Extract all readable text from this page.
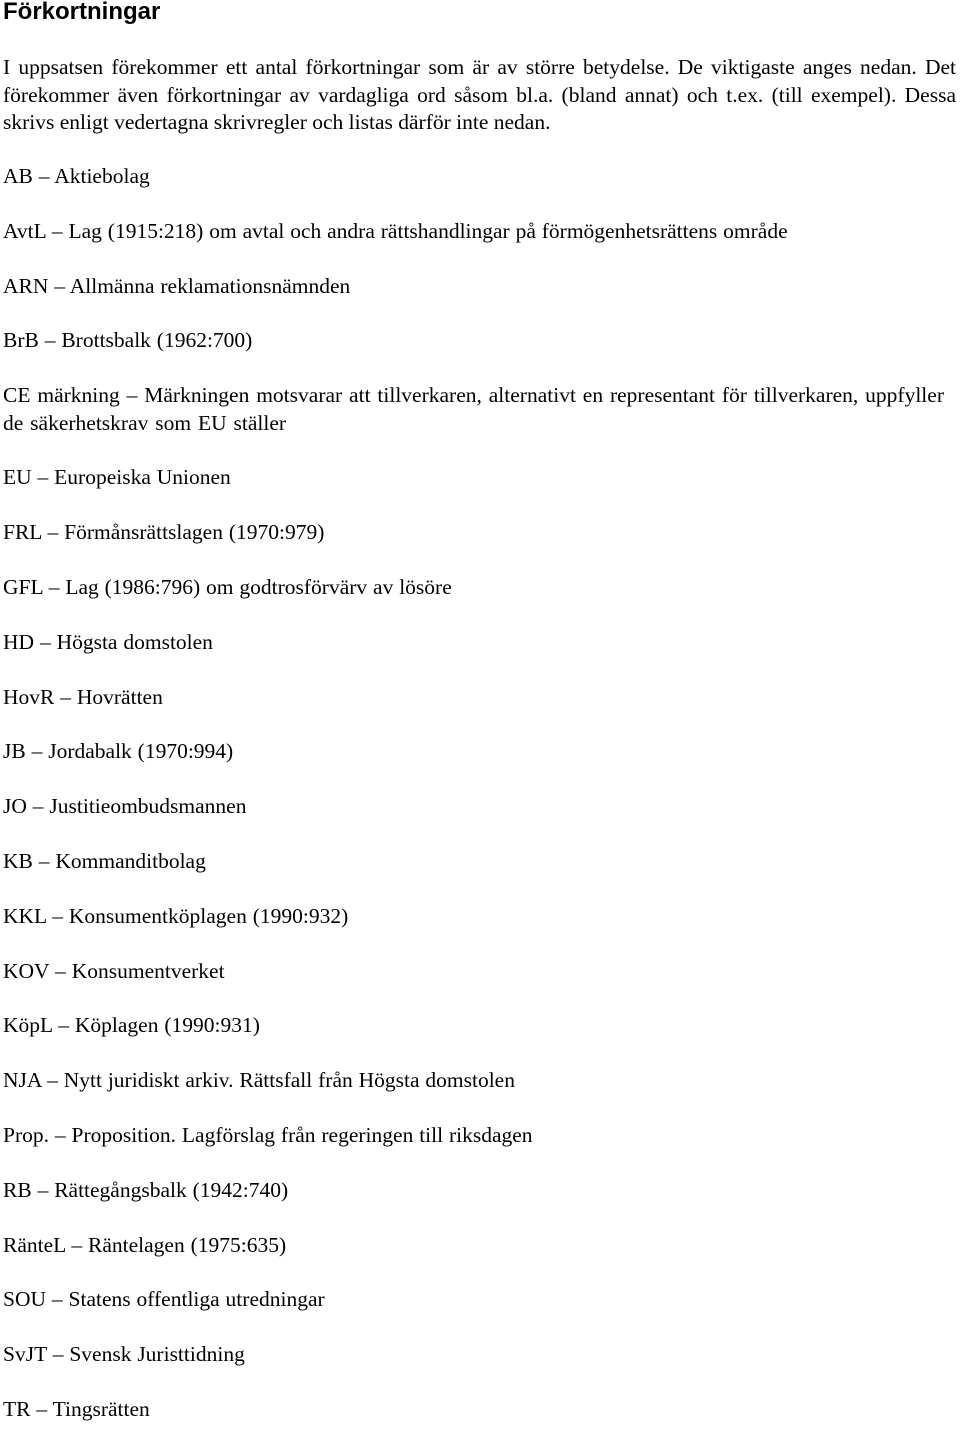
Förkortningar

I uppsatsen förekommer ett antal förkortningar som är av större betydelse. De viktigaste anges nedan. Det förekommer även förkortningar av vardagliga ord såsom bl.a. (bland annat) och t.ex. (till exempel). Dessa skrivs enligt vedertagna skrivregler och listas därför inte nedan.

AB – Aktiebolag
AvtL – Lag (1915:218) om avtal och andra rättshandlingar på förmögenhetsrättens område
ARN – Allmänna reklamationsnämnden
BrB – Brottsbalk (1962:700)
CE märkning – Märkningen motsvarar att tillverkaren, alternativt en representant för tillverkaren, uppfyller de säkerhetskrav som EU ställer
EU – Europeiska Unionen
FRL – Förmånsrättslagen (1970:979)
GFL – Lag (1986:796) om godtrosförvärv av lösöre
HD – Högsta domstolen
HovR – Hovrätten
JB – Jordabalk (1970:994)
JO – Justitieombudsmannen
KB – Kommanditbolag
KKL – Konsumentköplagen (1990:932)
KOV – Konsumentverket
KöpL – Köplagen (1990:931)
NJA – Nytt juridiskt arkiv. Rättsfall från Högsta domstolen
Prop. – Proposition. Lagförslag från regeringen till riksdagen
RB – Rättegångsbalk (1942:740)
RänteL – Räntelagen (1975:635)
SOU – Statens offentliga utredningar
SvJT – Svensk Juristtidning
TR – Tingsrätten
